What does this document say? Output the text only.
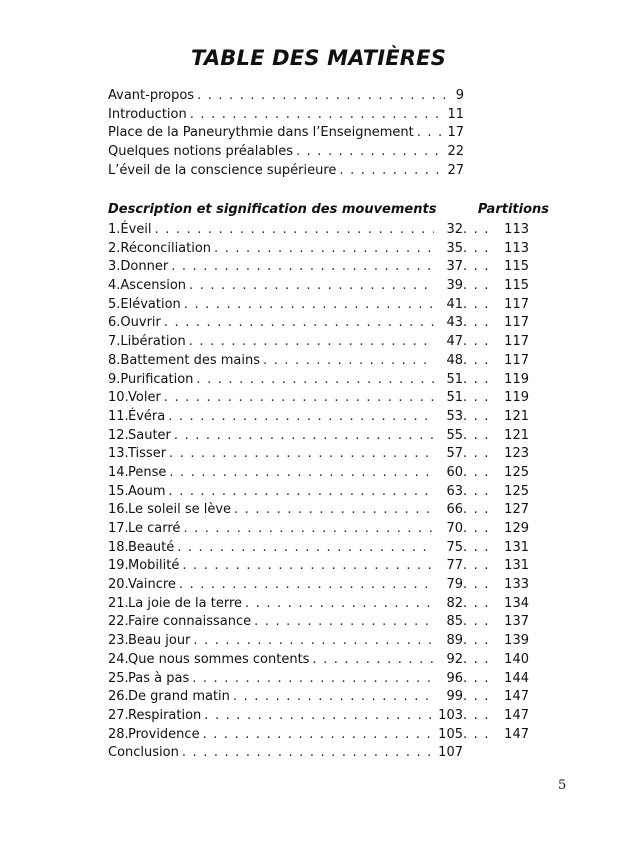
TABLE DES MATIÈRES
Avant-propos . . .	9
Introduction . . .	11
Place de la Paneurythmie dans l’Enseignement . . .	17
Quelques notions préalables . . .	22
L’éveil de la conscience supérieure . . .	27
Description et signification des mouvements	Partitions
1. Éveil . . .	32 . . . 113
2. Réconciliation . . .	35 . . . 113
3. Donner . . .	37 . . . 115
4. Ascension . . .	39 . . . 115
5. Elévation . . .	41 . . . 117
6. Ouvrir . . .	43 . . . 117
7. Libération . . .	47 . . . 117
8. Battement des mains . . .	48 . . . 117
9. Purification . . .	51 . . . 119
10. Voler . . .	51 . . . 119
11. Évéra . . .	53 . . . 121
12. Sauter . . .	55 . . . 121
13. Tisser . . .	57 . . . 123
14. Pense . . .	60 . . . 125
15. Aoum . . .	63 . . . 125
16. Le soleil se lève . . .	66 . . . 127
17. Le carré . . .	70 . . . 129
18. Beauté . . .	75 . . . 131
19. Mobilité . . .	77 . . . 131
20. Vaincre . . .	79 . . . 133
21. La joie de la terre . . .	82 . . . 134
22. Faire connaissance . . .	85 . . . 137
23. Beau jour . . .	89 . . . 139
24. Que nous sommes contents . . .	92 . . . 140
25. Pas à pas . . .	96 . . . 144
26. De grand matin . . .	99 . . . 147
27. Respiration . . .	103 . . . 147
28. Providence . . .	105 . . . 147
Conclusion . . .	107
5
